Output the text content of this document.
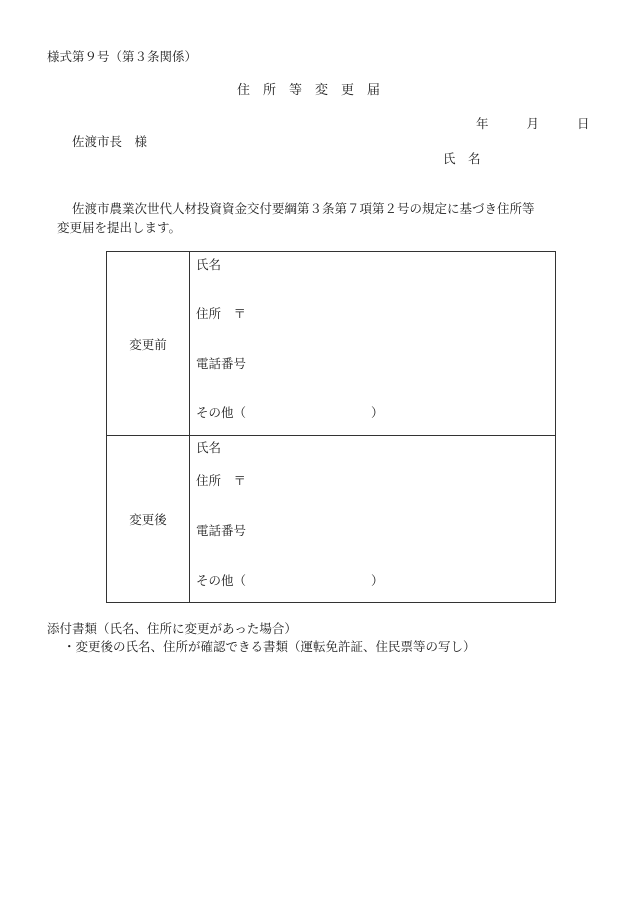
様式第９号（第３条関係）
住所等変更届
年	月	日
佐渡市長　様
氏　名
佐渡市農業次世代人材投資資金交付要綱第３条第７項第２号の規定に基づき住所等
変更届を提出します。
変更前	氏名
住所　〒
電話番号
その他（　　　　　　　　　　）

変更後	氏名
住所　〒
電話番号
その他（　　　　　　　　　　）
添付書類（氏名、住所に変更があった場合）
・変更後の氏名、住所が確認できる書類（運転免許証、住民票等の写し）
